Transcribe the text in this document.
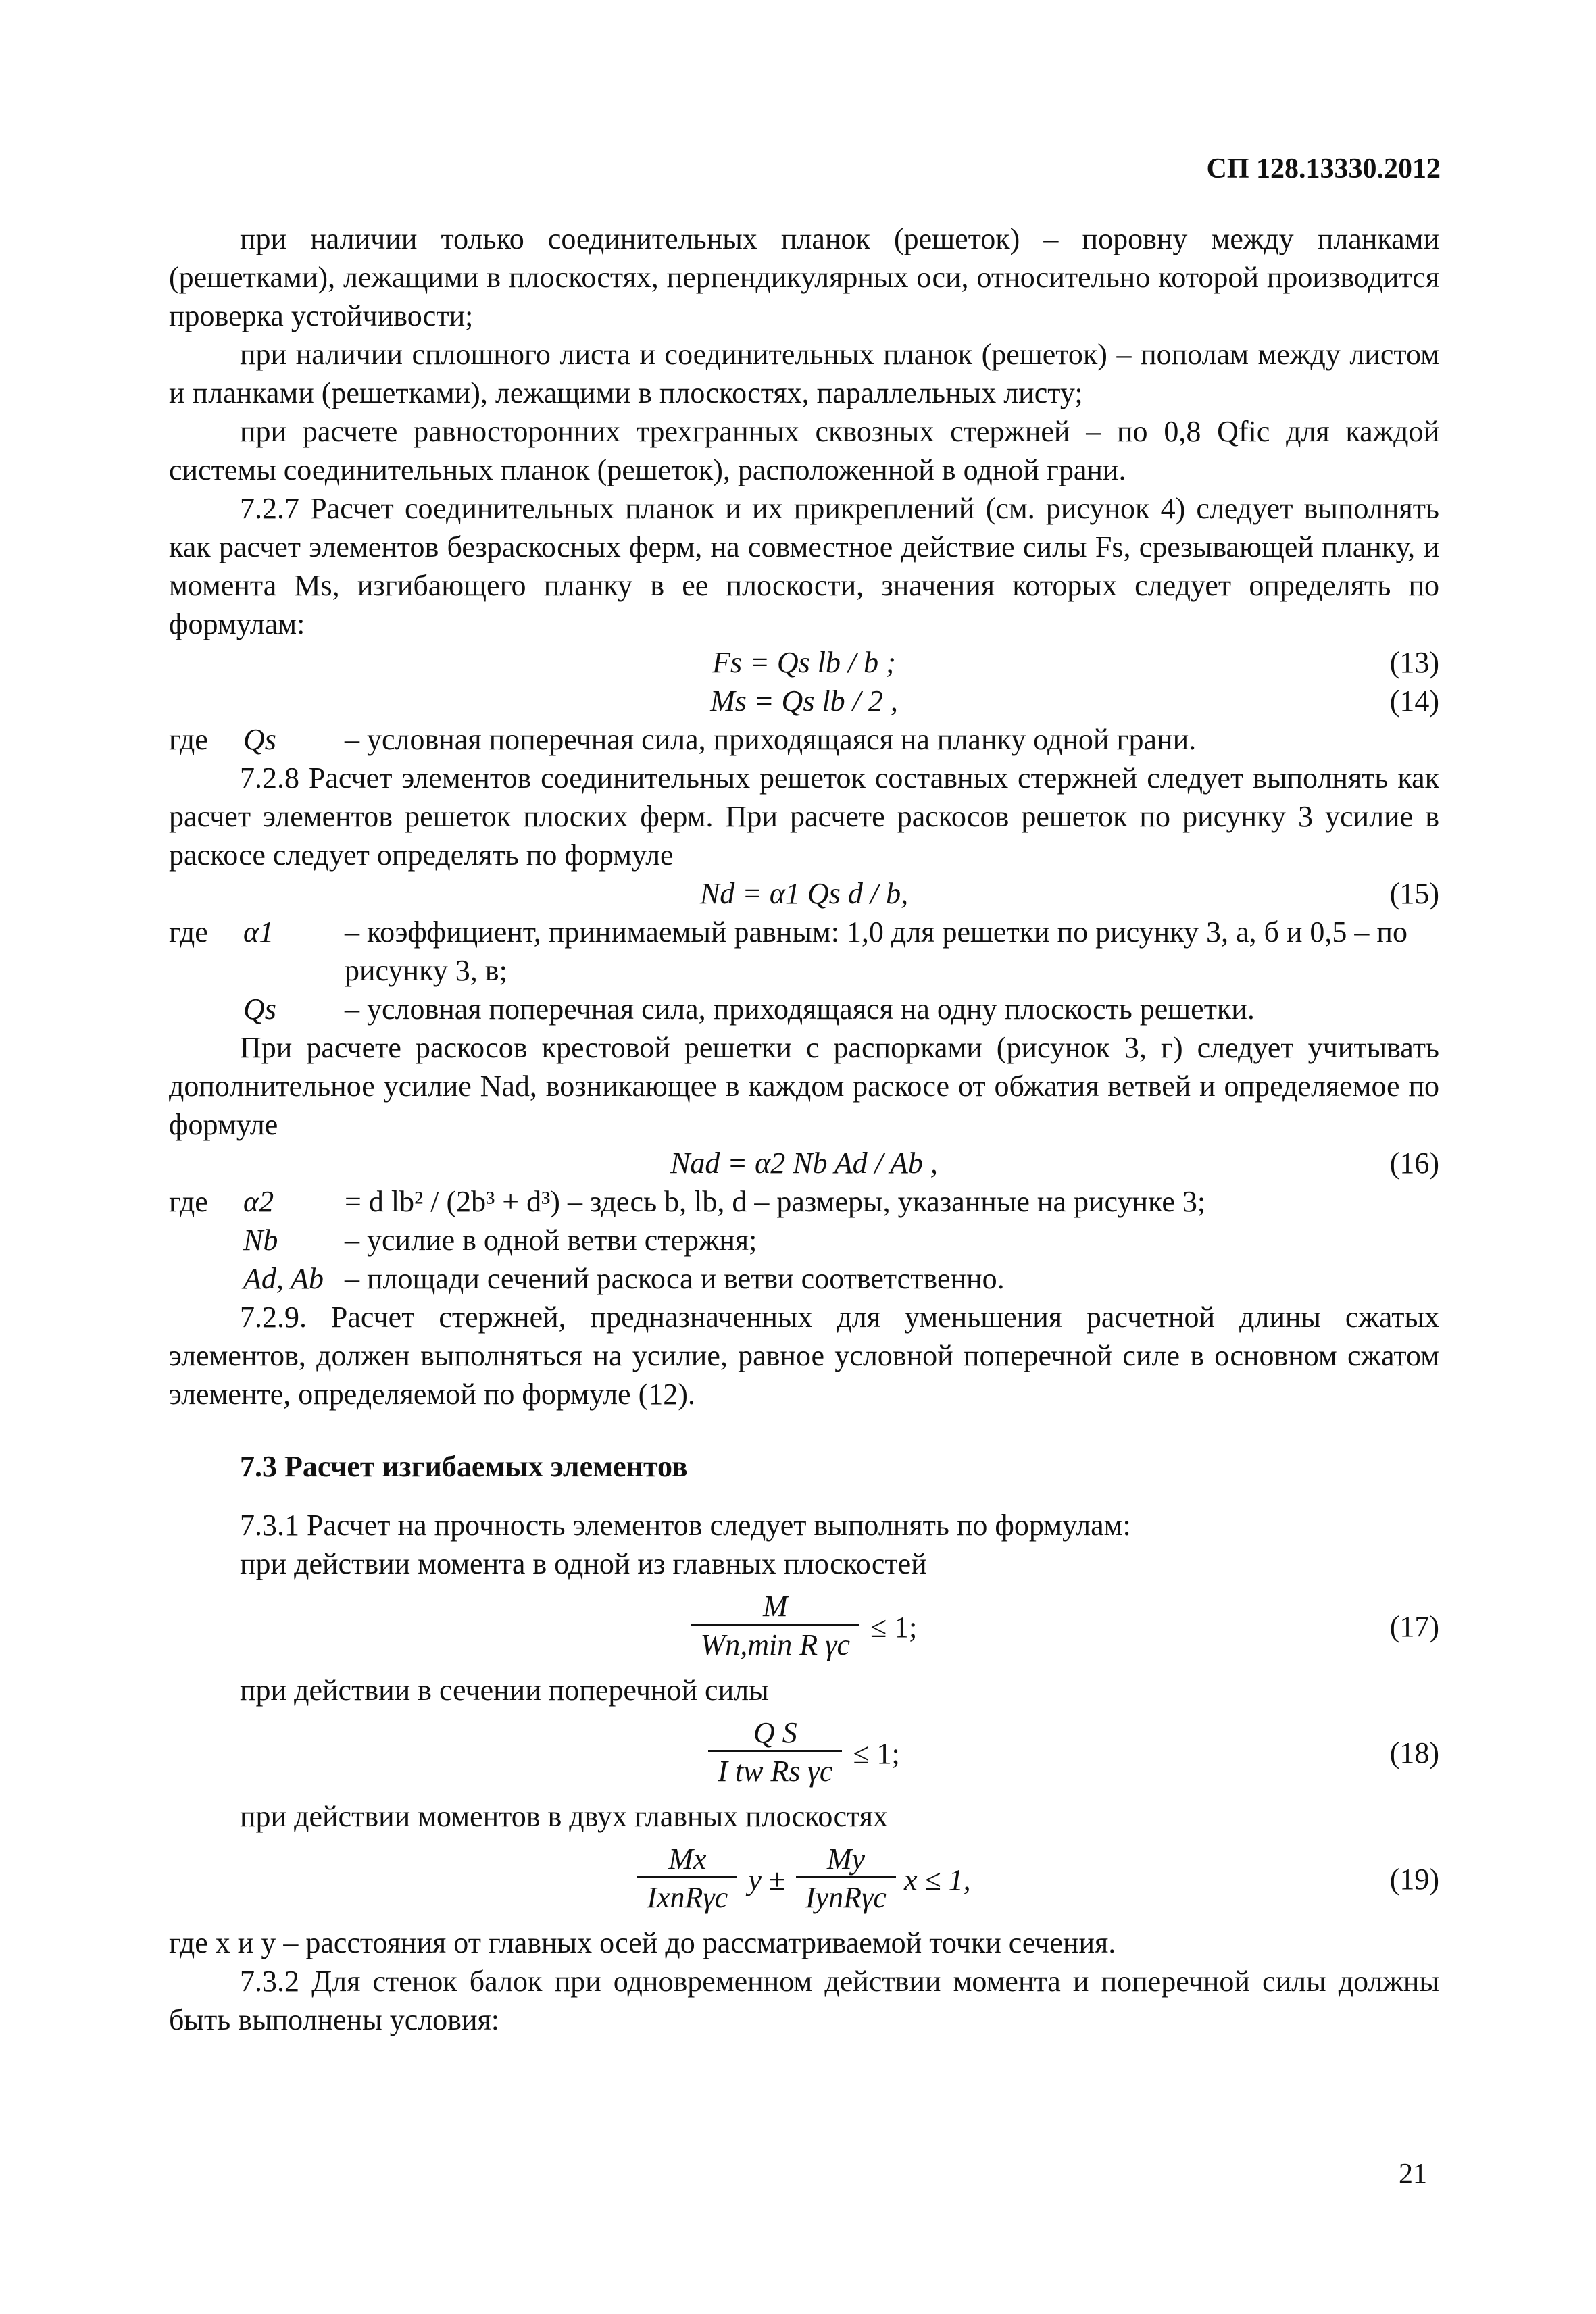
СП 128.13330.2012

при наличии только соединительных планок (решеток) – поровну между планками (решетками), лежащими в плоскостях, перпендикулярных оси, относительно которой производится проверка устойчивости;

при наличии сплошного листа и соединительных планок (решеток) – пополам между листом и планками (решетками), лежащими в плоскостях, параллельных листу;

при расчете равносторонних трехгранных сквозных стержней – по 0,8 Qfic для каждой системы соединительных планок (решеток), расположенной в одной грани.

7.2.7 Расчет соединительных планок и их прикреплений (см. рисунок 4) следует выполнять как расчет элементов безраскосных ферм, на совместное действие силы Fs, срезывающей планку, и момента Ms, изгибающего планку в ее плоскости, значения которых следует определять по формулам:

Fs = Qs lb / b ;	(13)
Ms = Qs lb / 2 ,	(14)
где	Qs	– условная поперечная сила, приходящаяся на планку одной грани.

7.2.8 Расчет элементов соединительных решеток составных стержней следует выполнять как расчет элементов решеток плоских ферм. При расчете раскосов решеток по рисунку 3 усилие в раскосе следует определять по формуле

Nd = α1 Qs d / b,	(15)
где	α1	– коэффициент, принимаемый равным: 1,0 для решетки по рисунку 3, а, б и 0,5 – по рисунку 3, в;
Qs	– условная поперечная сила, приходящаяся на одну плоскость решетки.

При расчете раскосов крестовой решетки с распорками (рисунок 3, г) следует учитывать дополнительное усилие Nad, возникающее в каждом раскосе от обжатия ветвей и определяемое по формуле

Nad = α2 Nb Ad / Ab ,	(16)
где	α2	= d lb² / (2b³ + d³) – здесь b, lb, d – размеры, указанные на рисунке 3;
Nb	– усилие в одной ветви стержня;
Ad, Ab – площади сечений раскоса и ветви соответственно.

7.2.9. Расчет стержней, предназначенных для уменьшения расчетной длины сжатых элементов, должен выполняться на усилие, равное условной поперечной силе в основном сжатом элементе, определяемой по формуле (12).

7.3 Расчет изгибаемых элементов

7.3.1 Расчет на прочность элементов следует выполнять по формулам:

при действии момента в одной из главных плоскостей

$\frac{M}{\text{Wn,min R γc}} \le 1$;	(17)

при действии в сечении поперечной силы

$\frac{\text{Q S}}{\text{I tw Rs γc}} \le 1$;	(18)

при действии моментов в двух главных плоскостях

$\frac{Mx}{\text{IxnRγc}}$ $y \pm \frac{My}{\text{IynRγc}}$ x ≤ 1,	(19)

где x и y – расстояния от главных осей до рассматриваемой точки сечения.

7.3.2 Для стенок балок при одновременном действии момента и поперечной силы должны быть выполнены условия:

21
